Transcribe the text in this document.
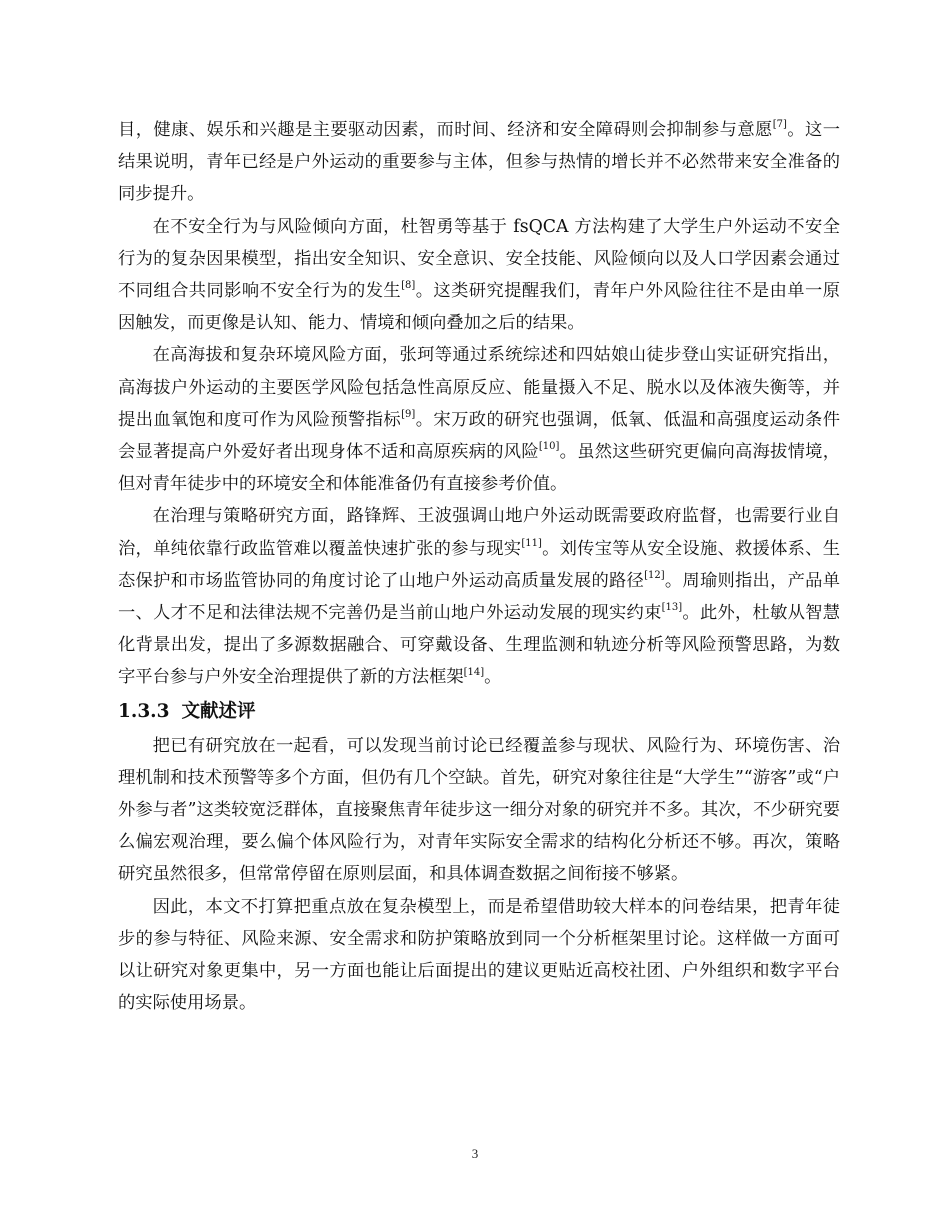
目，健康、娱乐和兴趣是主要驱动因素，而时间、经济和安全障碍则会抑制参与意愿[7]。这一结果说明，青年已经是户外运动的重要参与主体，但参与热情的增长并不必然带来安全准备的同步提升。

在不安全行为与风险倾向方面，杜智勇等基于 fsQCA 方法构建了大学生户外运动不安全行为的复杂因果模型，指出安全知识、安全意识、安全技能、风险倾向以及人口学因素会通过不同组合共同影响不安全行为的发生[8]。这类研究提醒我们，青年户外风险往往不是由单一原因触发，而更像是认知、能力、情境和倾向叠加之后的结果。

在高海拔和复杂环境风险方面，张珂等通过系统综述和四姑娘山徒步登山实证研究指出，高海拔户外运动的主要医学风险包括急性高原反应、能量摄入不足、脱水以及体液失衡等，并提出血氧饱和度可作为风险预警指标[9]。宋万政的研究也强调，低氧、低温和高强度运动条件会显著提高户外爱好者出现身体不适和高原疾病的风险[10]。虽然这些研究更偏向高海拔情境，但对青年徒步中的环境安全和体能准备仍有直接参考价值。

在治理与策略研究方面，路锋辉、王波强调山地户外运动既需要政府监督，也需要行业自治，单纯依靠行政监管难以覆盖快速扩张的参与现实[11]。刘传宝等从安全设施、救援体系、生态保护和市场监管协同的角度讨论了山地户外运动高质量发展的路径[12]。周瑜则指出，产品单一、人才不足和法律法规不完善仍是当前山地户外运动发展的现实约束[13]。此外，杜敏从智慧化背景出发，提出了多源数据融合、可穿戴设备、生理监测和轨迹分析等风险预警思路，为数字平台参与户外安全治理提供了新的方法框架[14]。

1.3.3 文献述评

把已有研究放在一起看，可以发现当前讨论已经覆盖参与现状、风险行为、环境伤害、治理机制和技术预警等多个方面，但仍有几个空缺。首先，研究对象往往是“大学生”“游客”或“户外参与者”这类较宽泛群体，直接聚焦青年徒步这一细分对象的研究并不多。其次，不少研究要么偏宏观治理，要么偏个体风险行为，对青年实际安全需求的结构化分析还不够。再次，策略研究虽然很多，但常常停留在原则层面，和具体调查数据之间衔接不够紧。

因此，本文不打算把重点放在复杂模型上，而是希望借助较大样本的问卷结果，把青年徒步的参与特征、风险来源、安全需求和防护策略放到同一个分析框架里讨论。这样做一方面可以让研究对象更集中，另一方面也能让后面提出的建议更贴近高校社团、户外组织和数字平台的实际使用场景。

3
